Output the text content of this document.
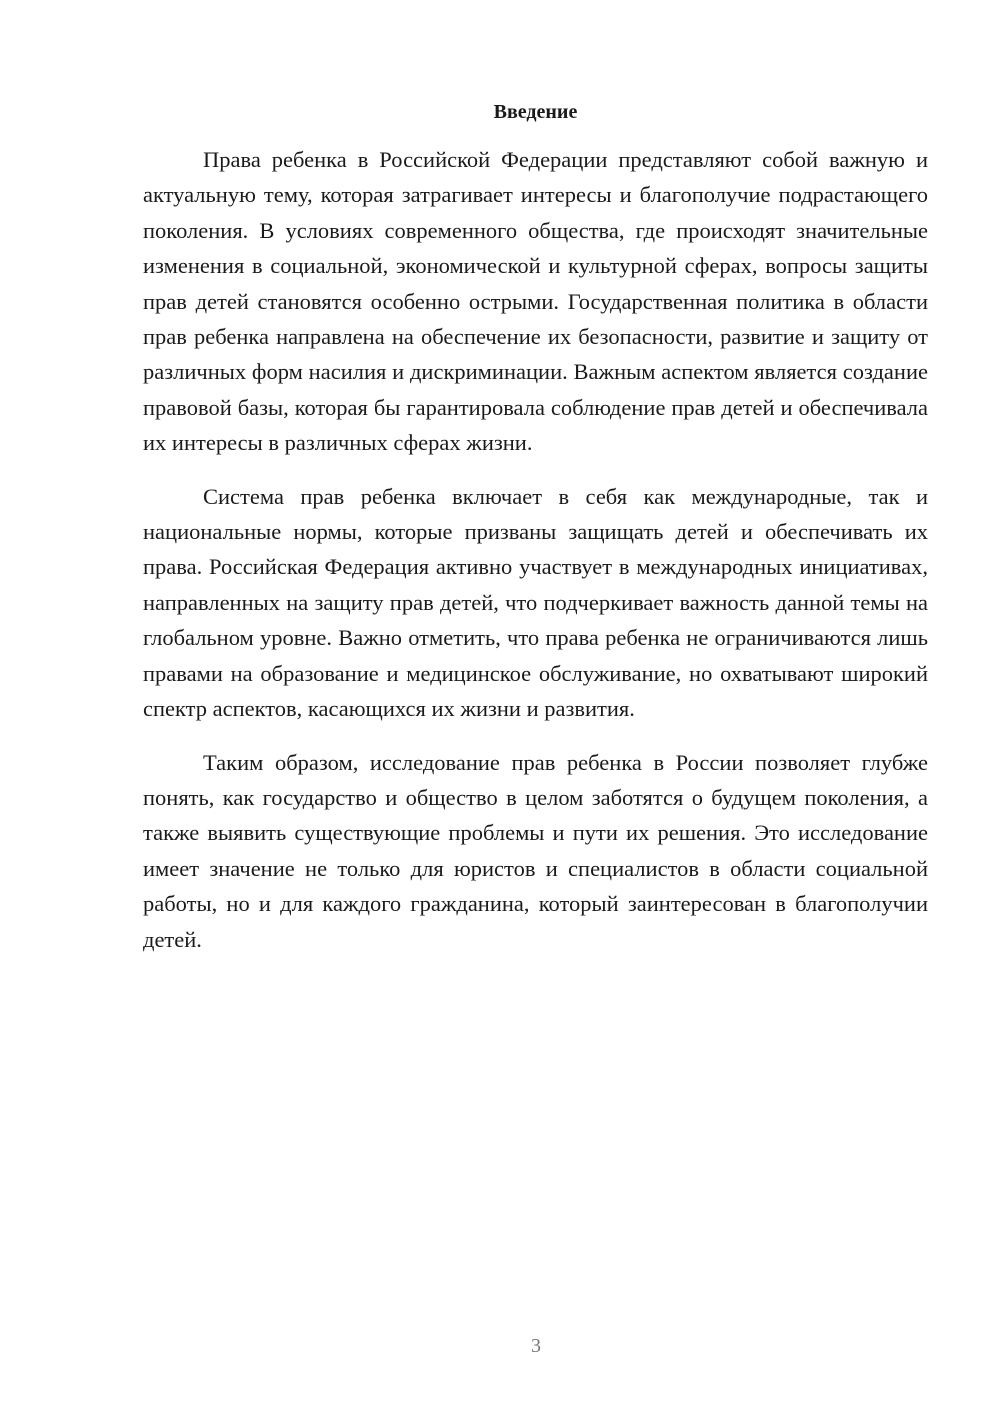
Введение

Права ребенка в Российской Федерации представляют собой важную и актуальную тему, которая затрагивает интересы и благополучие подрастающего поколения. В условиях современного общества, где происходят значительные изменения в социальной, экономической и культурной сферах, вопросы защиты прав детей становятся особенно острыми. Государственная политика в области прав ребенка направлена на обеспечение их безопасности, развитие и защиту от различных форм насилия и дискриминации. Важным аспектом является создание правовой базы, которая бы гарантировала соблюдение прав детей и обеспечивала их интересы в различных сферах жизни.

Система прав ребенка включает в себя как международные, так и национальные нормы, которые призваны защищать детей и обеспечивать их права. Российская Федерация активно участвует в международных инициативах, направленных на защиту прав детей, что подчеркивает важность данной темы на глобальном уровне. Важно отметить, что права ребенка не ограничиваются лишь правами на образование и медицинское обслуживание, но охватывают широкий спектр аспектов, касающихся их жизни и развития.

Таким образом, исследование прав ребенка в России позволяет глубже понять, как государство и общество в целом заботятся о будущем поколения, а также выявить существующие проблемы и пути их решения. Это исследование имеет значение не только для юристов и специалистов в области социальной работы, но и для каждого гражданина, который заинтересован в благополучии детей.

3
